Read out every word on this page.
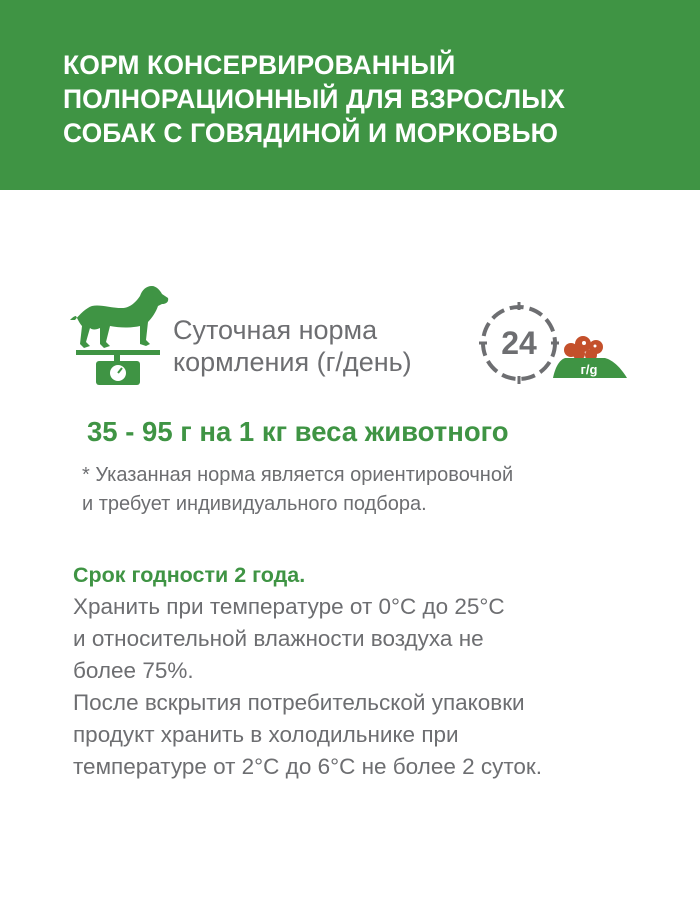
КОРМ КОНСЕРВИРОВАННЫЙ
ПОЛНОРАЦИОННЫЙ ДЛЯ ВЗРОСЛЫХ
СОБАК С ГОВЯДИНОЙ И МОРКОВЬЮ
Суточная норма
кормления (г/день)
24
г/g
35 - 95 г на 1 кг веса животного
* Указанная норма является ориентировочной
и требует индивидуального подбора.
Срок годности 2 года.
Хранить при температуре от 0°С до 25°С
и относительной влажности воздуха не
более 75%.
После вскрытия потребительской упаковки
продукт хранить в холодильнике при
температуре от 2°С до 6°С не более 2 суток.
